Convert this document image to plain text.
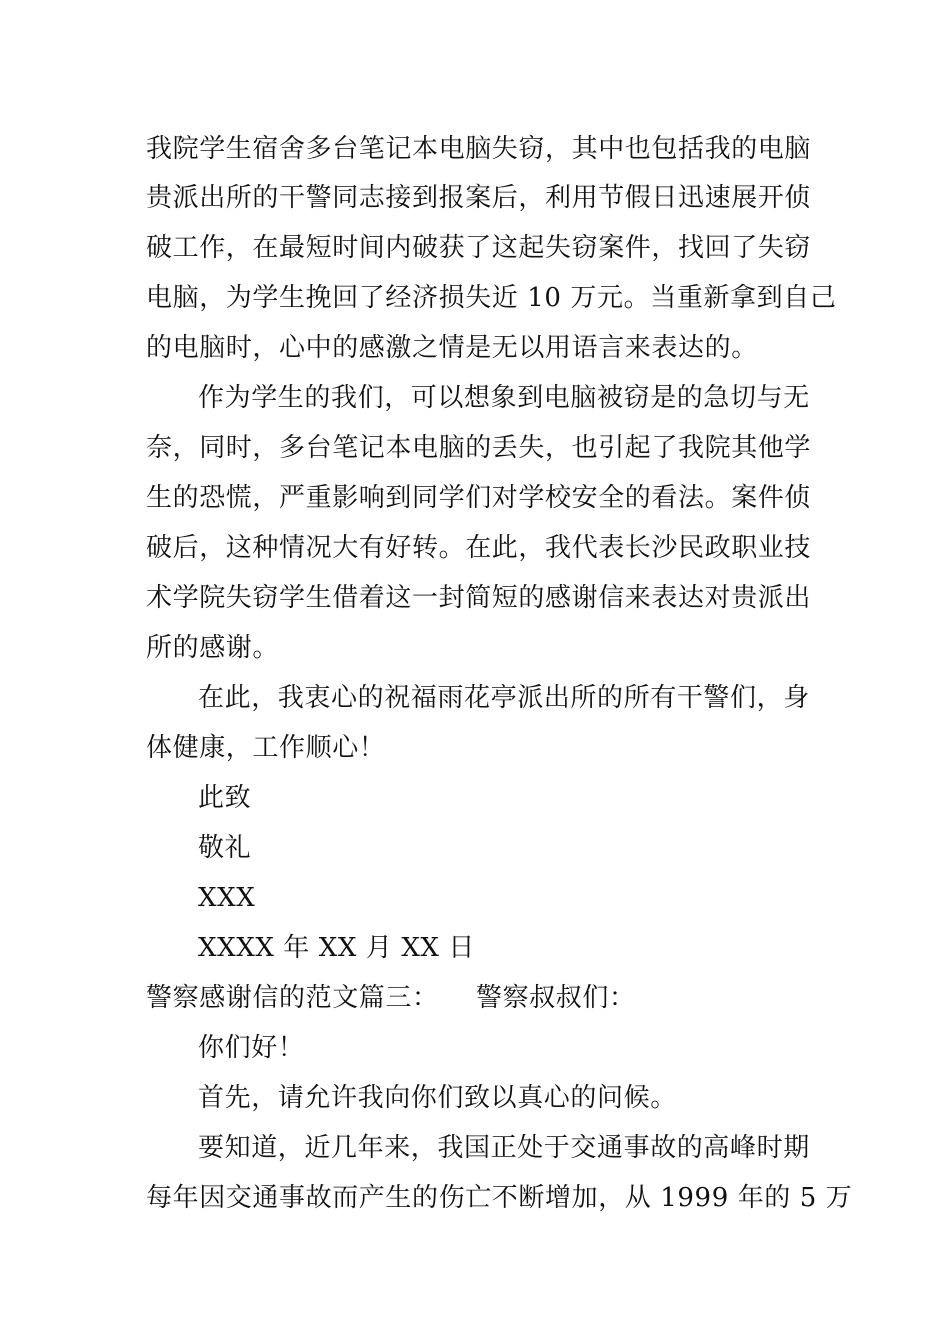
我院学生宿舍多台笔记本电脑失窃，其中也包括我的电脑
贵派出所的干警同志接到报案后，利用节假日迅速展开侦
破工作，在最短时间内破获了这起失窃案件，找回了失窃
电脑，为学生挽回了经济损失近 10 万元。当重新拿到自己
的电脑时，心中的感激之情是无以用语言来表达的。
作为学生的我们，可以想象到电脑被窃是的急切与无
奈，同时，多台笔记本电脑的丢失，也引起了我院其他学
生的恐慌，严重影响到同学们对学校安全的看法。案件侦
破后，这种情况大有好转。在此，我代表长沙民政职业技
术学院失窃学生借着这一封简短的感谢信来表达对贵派出
所的感谢。
在此，我衷心的祝福雨花亭派出所的所有干警们，身
体健康，工作顺心！
此致
敬礼
XXX
XXXX 年 XX 月 XX 日
警察感谢信的范文篇三： 警察叔叔们：
你们好！
首先，请允许我向你们致以真心的问候。
要知道，近几年来，我国正处于交通事故的高峰时期
每年因交通事故而产生的伤亡不断增加，从 1999 年的 5 万
